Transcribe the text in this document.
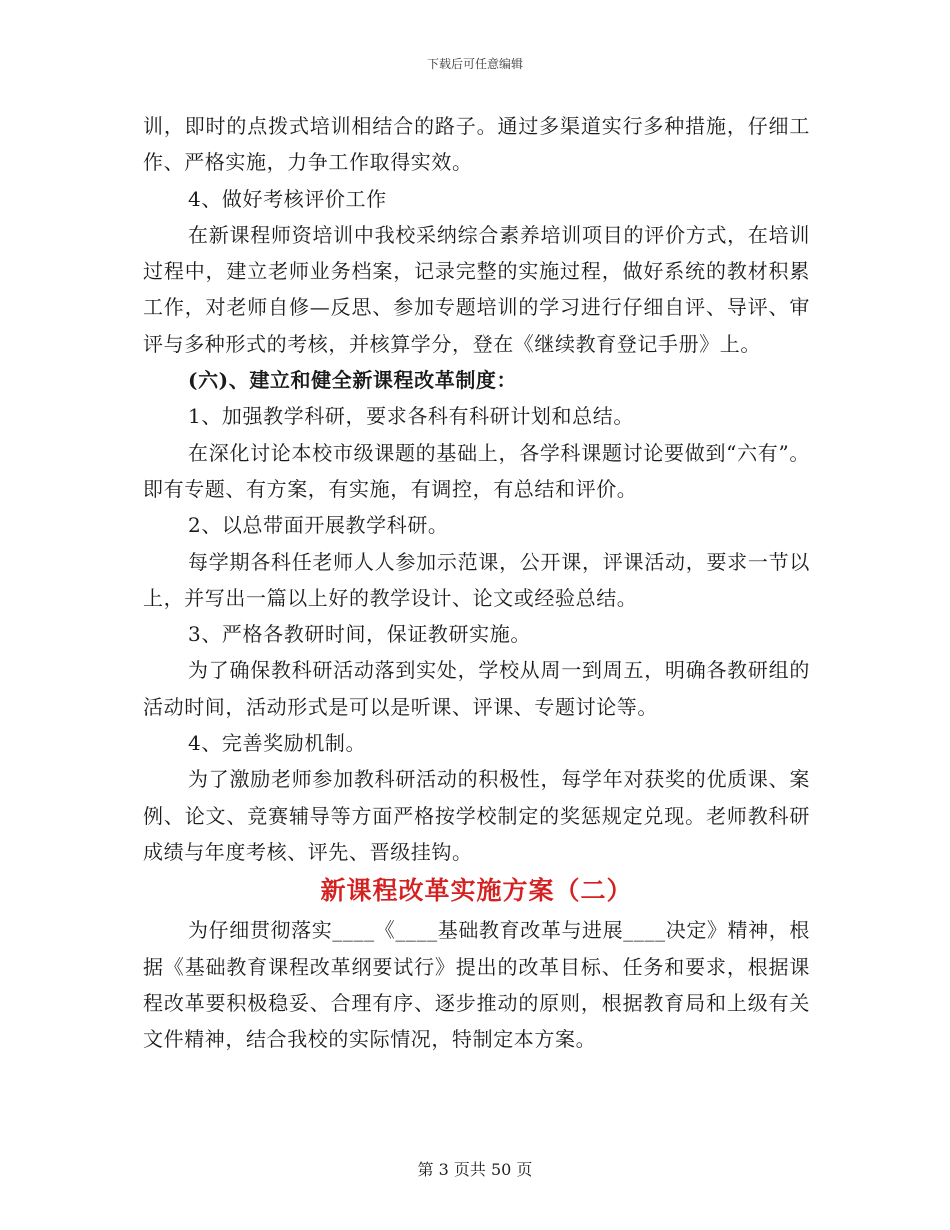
下载后可任意编辑

训，即时的点拨式培训相结合的路子。通过多渠道实行多种措施，仔细工作、严格实施，力争工作取得实效。

4、做好考核评价工作

在新课程师资培训中我校采纳综合素养培训项目的评价方式，在培训过程中，建立老师业务档案，记录完整的实施过程，做好系统的教材积累工作，对老师自修—反思、参加专题培训的学习进行仔细自评、导评、审评与多种形式的考核，并核算学分，登在《继续教育登记手册》上。

(六)、建立和健全新课程改革制度：

1、加强教学科研，要求各科有科研计划和总结。

在深化讨论本校市级课题的基础上，各学科课题讨论要做到“六有”。即有专题、有方案，有实施，有调控，有总结和评价。

2、以总带面开展教学科研。

每学期各科任老师人人参加示范课，公开课，评课活动，要求一节以上，并写出一篇以上好的教学设计、论文或经验总结。

3、严格各教研时间，保证教研实施。

为了确保教科研活动落到实处，学校从周一到周五，明确各教研组的活动时间，活动形式是可以是听课、评课、专题讨论等。

4、完善奖励机制。

为了激励老师参加教科研活动的积极性，每学年对获奖的优质课、案例、论文、竞赛辅导等方面严格按学校制定的奖惩规定兑现。老师教科研成绩与年度考核、评先、晋级挂钩。

新课程改革实施方案（二）

为仔细贯彻落实____《____基础教育改革与进展____决定》精神，根据《基础教育课程改革纲要试行》提出的改革目标、任务和要求，根据课程改革要积极稳妥、合理有序、逐步推动的原则，根据教育局和上级有关文件精神，结合我校的实际情况，特制定本方案。

第 3 页共 50 页
